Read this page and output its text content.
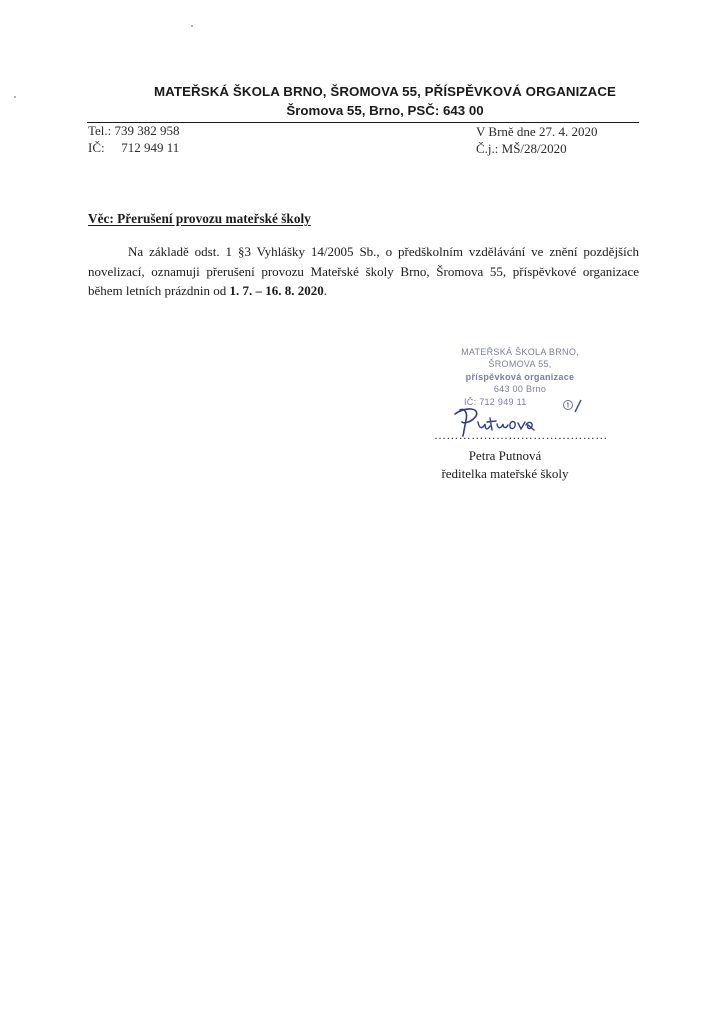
MATEŘSKÁ ŠKOLA BRNO, ŠROMOVA 55, PŘÍSPĚVKOVÁ ORGANIZACE
Šromova 55, Brno, PSČ: 643 00
Tel.: 739 382 958
IČ: 712 949 11
V Brně dne 27. 4. 2020
Č.j.: MŠ/28/2020
Věc: Přerušení provozu mateřské školy
Na základě odst. 1 §3 Vyhlášky 14/2005 Sb., o předškolním vzdělávání ve znění pozdějších novelizací, oznamuji přerušení provozu Mateřské školy Brno, Šromova 55, příspěvkové organizace během letních prázdnin od 1. 7. – 16. 8. 2020.
MATEŘSKÁ ŠKOLA BRNO,
ŠROMOVA 55,
příspěvková organizace
643 00 Brno
IČ: 712 949 11
……………………………………
Petra Putnová
ředitelka mateřské školy
